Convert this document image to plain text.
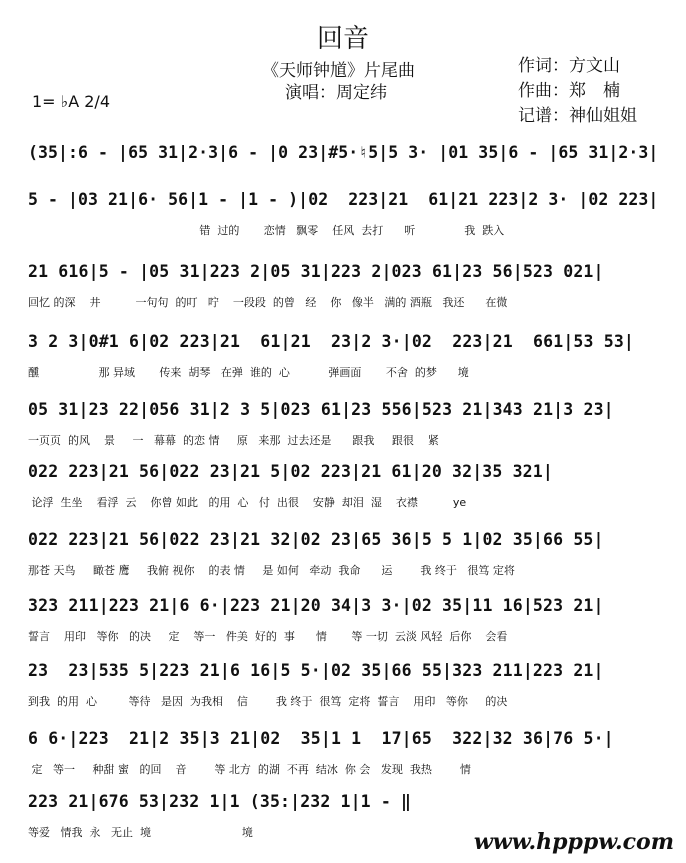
回音
《天师钟馗》片尾曲
演唱：周定纬
作词：方文山
作曲：郑　楠
记谱：神仙姐姐
1= ♭A 2/4
(35|:6 - |65 31|2·3|6 - |0 23|#5·♮5|5 3· |01 35|6 - |65 31|2·3|
5 - |03 21|6· 56|1 - |1 - )|02  223|21  61|21 223|2 3· |02 223|
错  过的       恋情   飘零    任风  去打      听              我  跌入
21 616|5 - |05 31|223 2|05 31|223 2|023 61|23 56|523 021|
回忆 的深    井          一句句  的叮   咛    一段段  的曾   经    你   像半   满的 酒瓶   我还      在微
3 2 3|0#1 6|02 223|21  61|21  23|2 3·|02  223|21  661|53 53|
醺                 那 异域       传来  胡琴   在弹  谁的  心           弹画面       不舍  的梦      境
05 31|23 22|056 31|2 3 5|023 61|23 556|523 21|343 21|3 23|
一页页  的风    景     一   幕幕  的恋 情     原   来那  过去还是      跟我     跟很    紧
022 223|21 56|022 23|21 5|02 223|21 61|20 32|35 321|
论浮  生坐    看浮  云    你曾 如此   的用  心   付  出很    安静  却泪  湿    衣襟          ye
022 223|21 56|022 23|21 32|02 23|65 36|5 5 1|02 35|66 55|
那苍 天鸟     瞰苍 鹰     我俯 视你    的表 情     是 如何   牵动  我命      运        我 终于   很笃 定将
323 211|223 21|6 6·|223 21|20 34|3 3·|02 35|11 16|523 21|
誓言    用印   等你   的决     定    等一   件美  好的  事      情       等 一切  云淡 风轻  后你    会看
23  23|535 5|223 21|6 16|5 5·|02 35|66 55|323 211|223 21|
到我  的用  心         等待   是因  为我相    信        我 终于  很笃  定将  誓言    用印   等你     的决
6 6·|223  21|2 35|3 21|02  35|1 1  17|65  322|32 36|76 5·|
定   等一     种甜 蜜   的回    音        等 北方  的湖  不再  结冰  你 会   发现  我热        情
223 21|676 53|232 1|1 (35:|232 1|1 - ‖
等爱   情我  永   无止  境                          境	www.hpppw.com
